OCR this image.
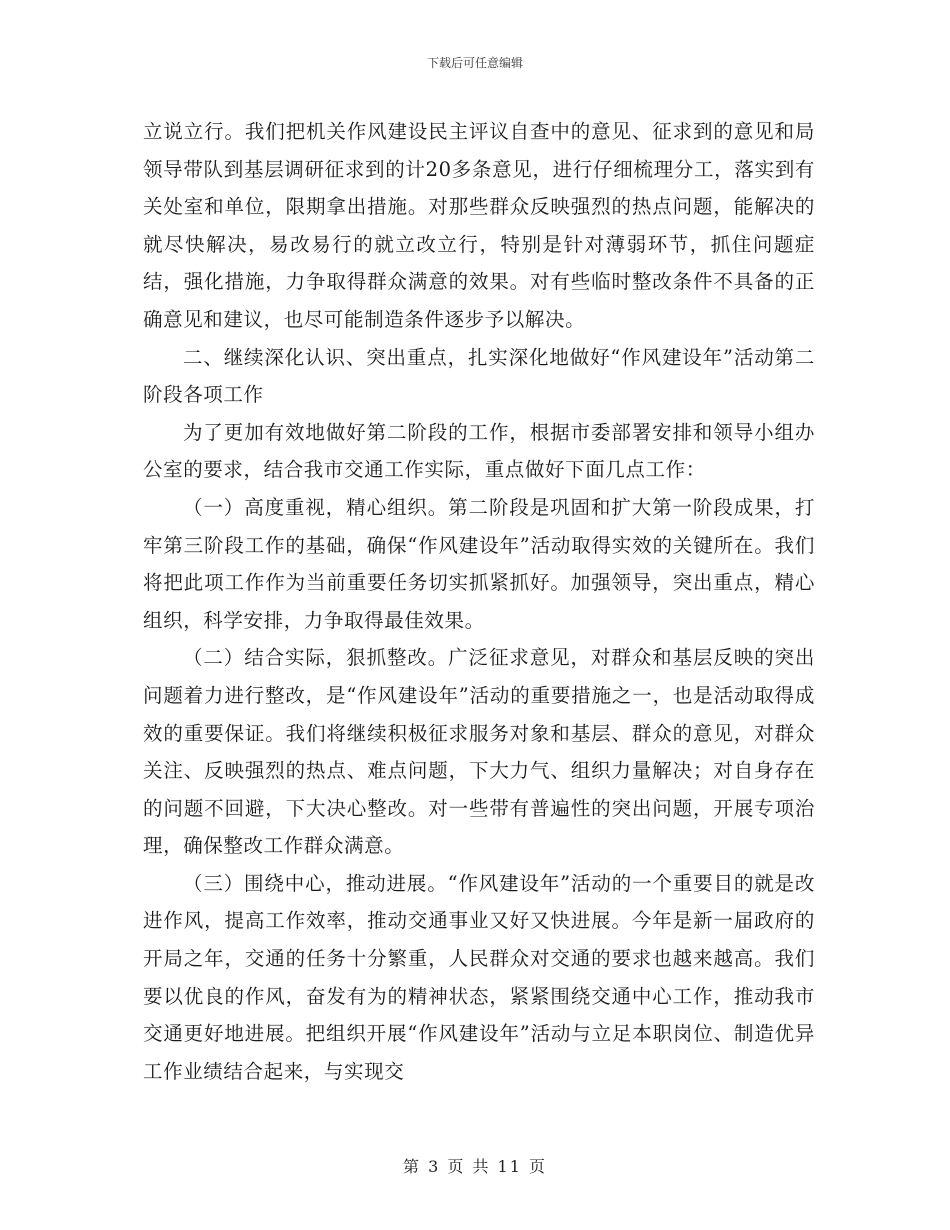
下载后可任意编辑

立说立行。我们把机关作风建设民主评议自查中的意见、征求到的意见和局领导带队到基层调研征求到的计20多条意见，进行仔细梳理分工，落实到有关处室和单位，限期拿出措施。对那些群众反映强烈的热点问题，能解决的就尽快解决，易改易行的就立改立行，特别是针对薄弱环节，抓住问题症结，强化措施，力争取得群众满意的效果。对有些临时整改条件不具备的正确意见和建议，也尽可能制造条件逐步予以解决。

二、继续深化认识、突出重点，扎实深化地做好“作风建设年”活动第二阶段各项工作

为了更加有效地做好第二阶段的工作，根据市委部署安排和领导小组办公室的要求，结合我市交通工作实际，重点做好下面几点工作：

（一）高度重视，精心组织。第二阶段是巩固和扩大第一阶段成果，打牢第三阶段工作的基础，确保“作风建设年”活动取得实效的关键所在。我们将把此项工作作为当前重要任务切实抓紧抓好。加强领导，突出重点，精心组织，科学安排，力争取得最佳效果。

（二）结合实际，狠抓整改。广泛征求意见，对群众和基层反映的突出问题着力进行整改，是“作风建设年”活动的重要措施之一，也是活动取得成效的重要保证。我们将继续积极征求服务对象和基层、群众的意见，对群众关注、反映强烈的热点、难点问题，下大力气、组织力量解决；对自身存在的问题不回避，下大决心整改。对一些带有普遍性的突出问题，开展专项治理，确保整改工作群众满意。

（三）围绕中心，推动进展。“作风建设年”活动的一个重要目的就是改进作风，提高工作效率，推动交通事业又好又快进展。今年是新一届政府的开局之年，交通的任务十分繁重，人民群众对交通的要求也越来越高。我们要以优良的作风，奋发有为的精神状态，紧紧围绕交通中心工作，推动我市交通更好地进展。把组织开展“作风建设年”活动与立足本职岗位、制造优异工作业绩结合起来，与实现交

第 3 页 共 11 页
